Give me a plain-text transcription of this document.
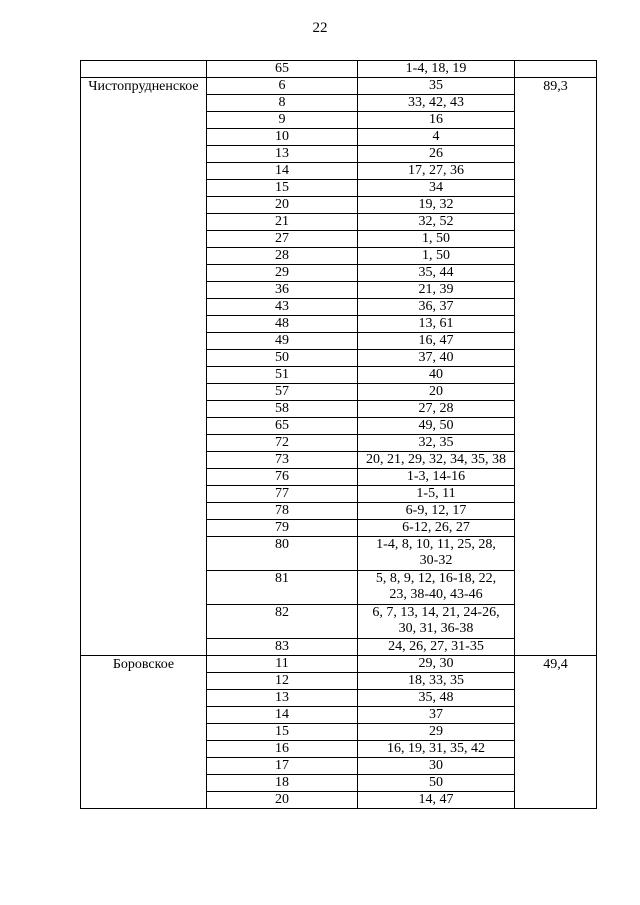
22
	65	1-4, 18, 19	

Чистопрудненское	6	35	89,3
	8	33, 42, 43	

	9	16	

	10	4	

	13	26	

	14	17, 27, 36	

	15	34	

	20	19, 32	

	21	32, 52	

	27	1, 50	

	28	1, 50	

	29	35, 44	

	36	21, 39	

	43	36, 37	

	48	13, 61	

	49	16, 47	

	50	37, 40	

	51	40	

	57	20	

	58	27, 28	

	65	49, 50	

	72	32, 35	

	73	20, 21, 29, 32, 34, 35, 38	

	76	1-3, 14-16	

	77	1-5, 11	

	78	6-9, 12, 17	

	79	6-12, 26, 27	

	80	1-4, 8, 10, 11, 25, 28,
30-32	

	81	5, 8, 9, 12, 16-18, 22,
23, 38-40, 43-46	

	82	6, 7, 13, 14, 21, 24-26,
30, 31, 36-38	

	83	24, 26, 27, 31-35	

Боровское	11	29, 30	49,4
	12	18, 33, 35	

	13	35, 48	

	14	37	

	15	29	

	16	16, 19, 31, 35, 42	

	17	30	

	18	50	

	20	14, 47	
